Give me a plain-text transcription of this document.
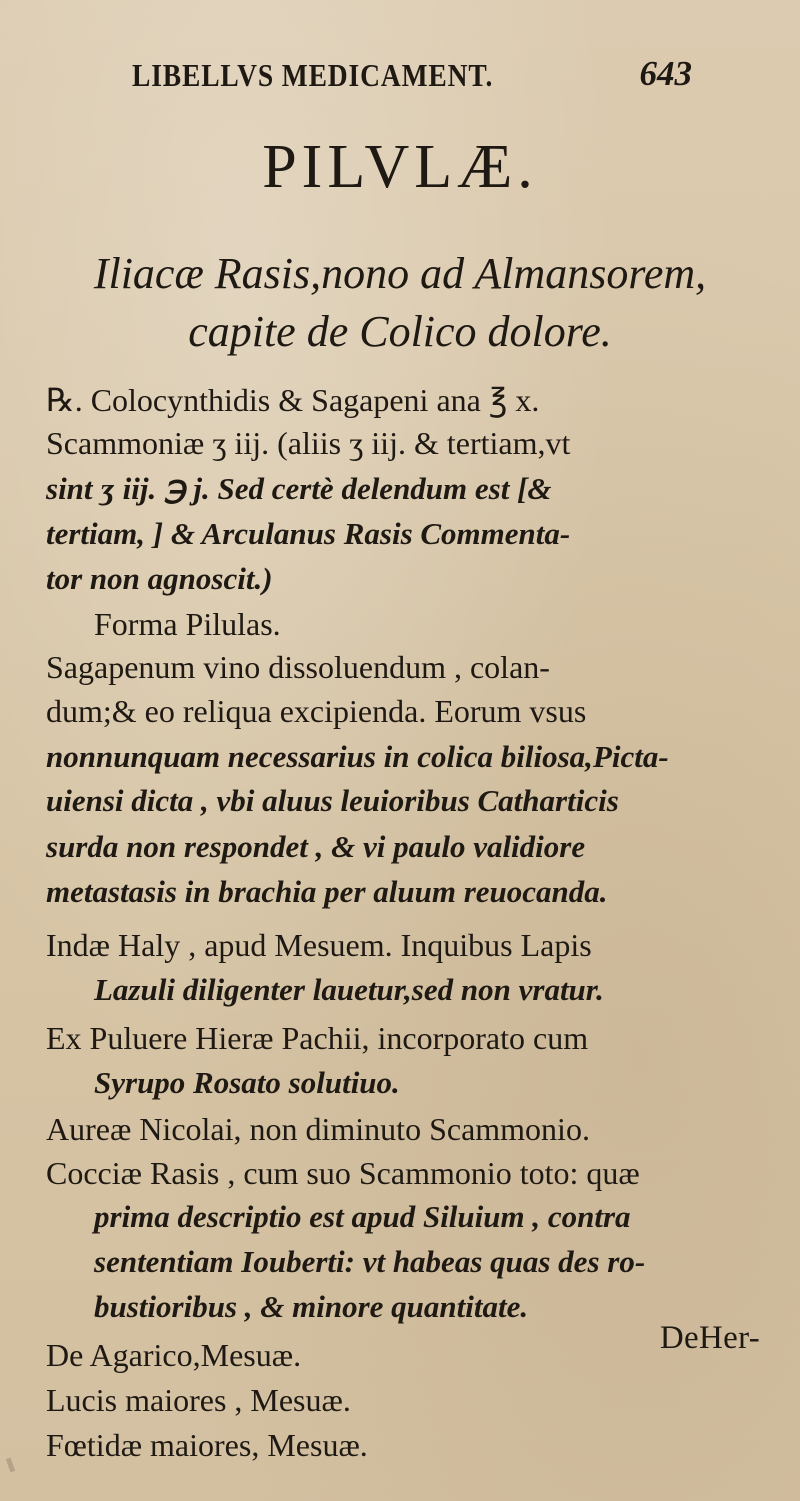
LIBELLVS MEDICAMENT.	643
PILVLÆ.
Iliacæ Rasis,nono ad Almansorem,
capite de Colico dolore.
℞. Colocynthidis & Sagapeni ana ℥ x.
Scammoniæ ʒ iij. (aliis ʒ iij. & tertiam,vt
sint ʒ iij. ℈ j. Sed certè delendum est [&
tertiam, ] & Arculanus Rasis Commenta-
tor non agnoscit.)
Forma Pilulas.
Sagapenum vino dissoluendum , colan-
dum;& eo reliqua excipienda. Eorum vsus
nonnunquam necessarius in colica biliosa,Picta-
uiensi dicta , vbi aluus leuioribus Catharticis
surda non respondet , & vi paulo validiore
metastasis in brachia per aluum reuocanda.
Indæ Haly , apud Mesuem. Inquibus Lapis
Lazuli diligenter lauetur,sed non vratur.
Ex Puluere Hieræ Pachii, incorporato cum
Syrupo Rosato solutiuo.
Aureæ Nicolai, non diminuto Scammonio.
Cocciæ Rasis , cum suo Scammonio toto: quæ
prima descriptio est apud Siluium , contra
sententiam Iouberti: vt habeas quas des ro-
bustioribus , & minore quantitate.
De Agarico,Mesuæ.
Lucis maiores , Mesuæ.
Fœtidæ maiores, Mesuæ.
DeHer-
